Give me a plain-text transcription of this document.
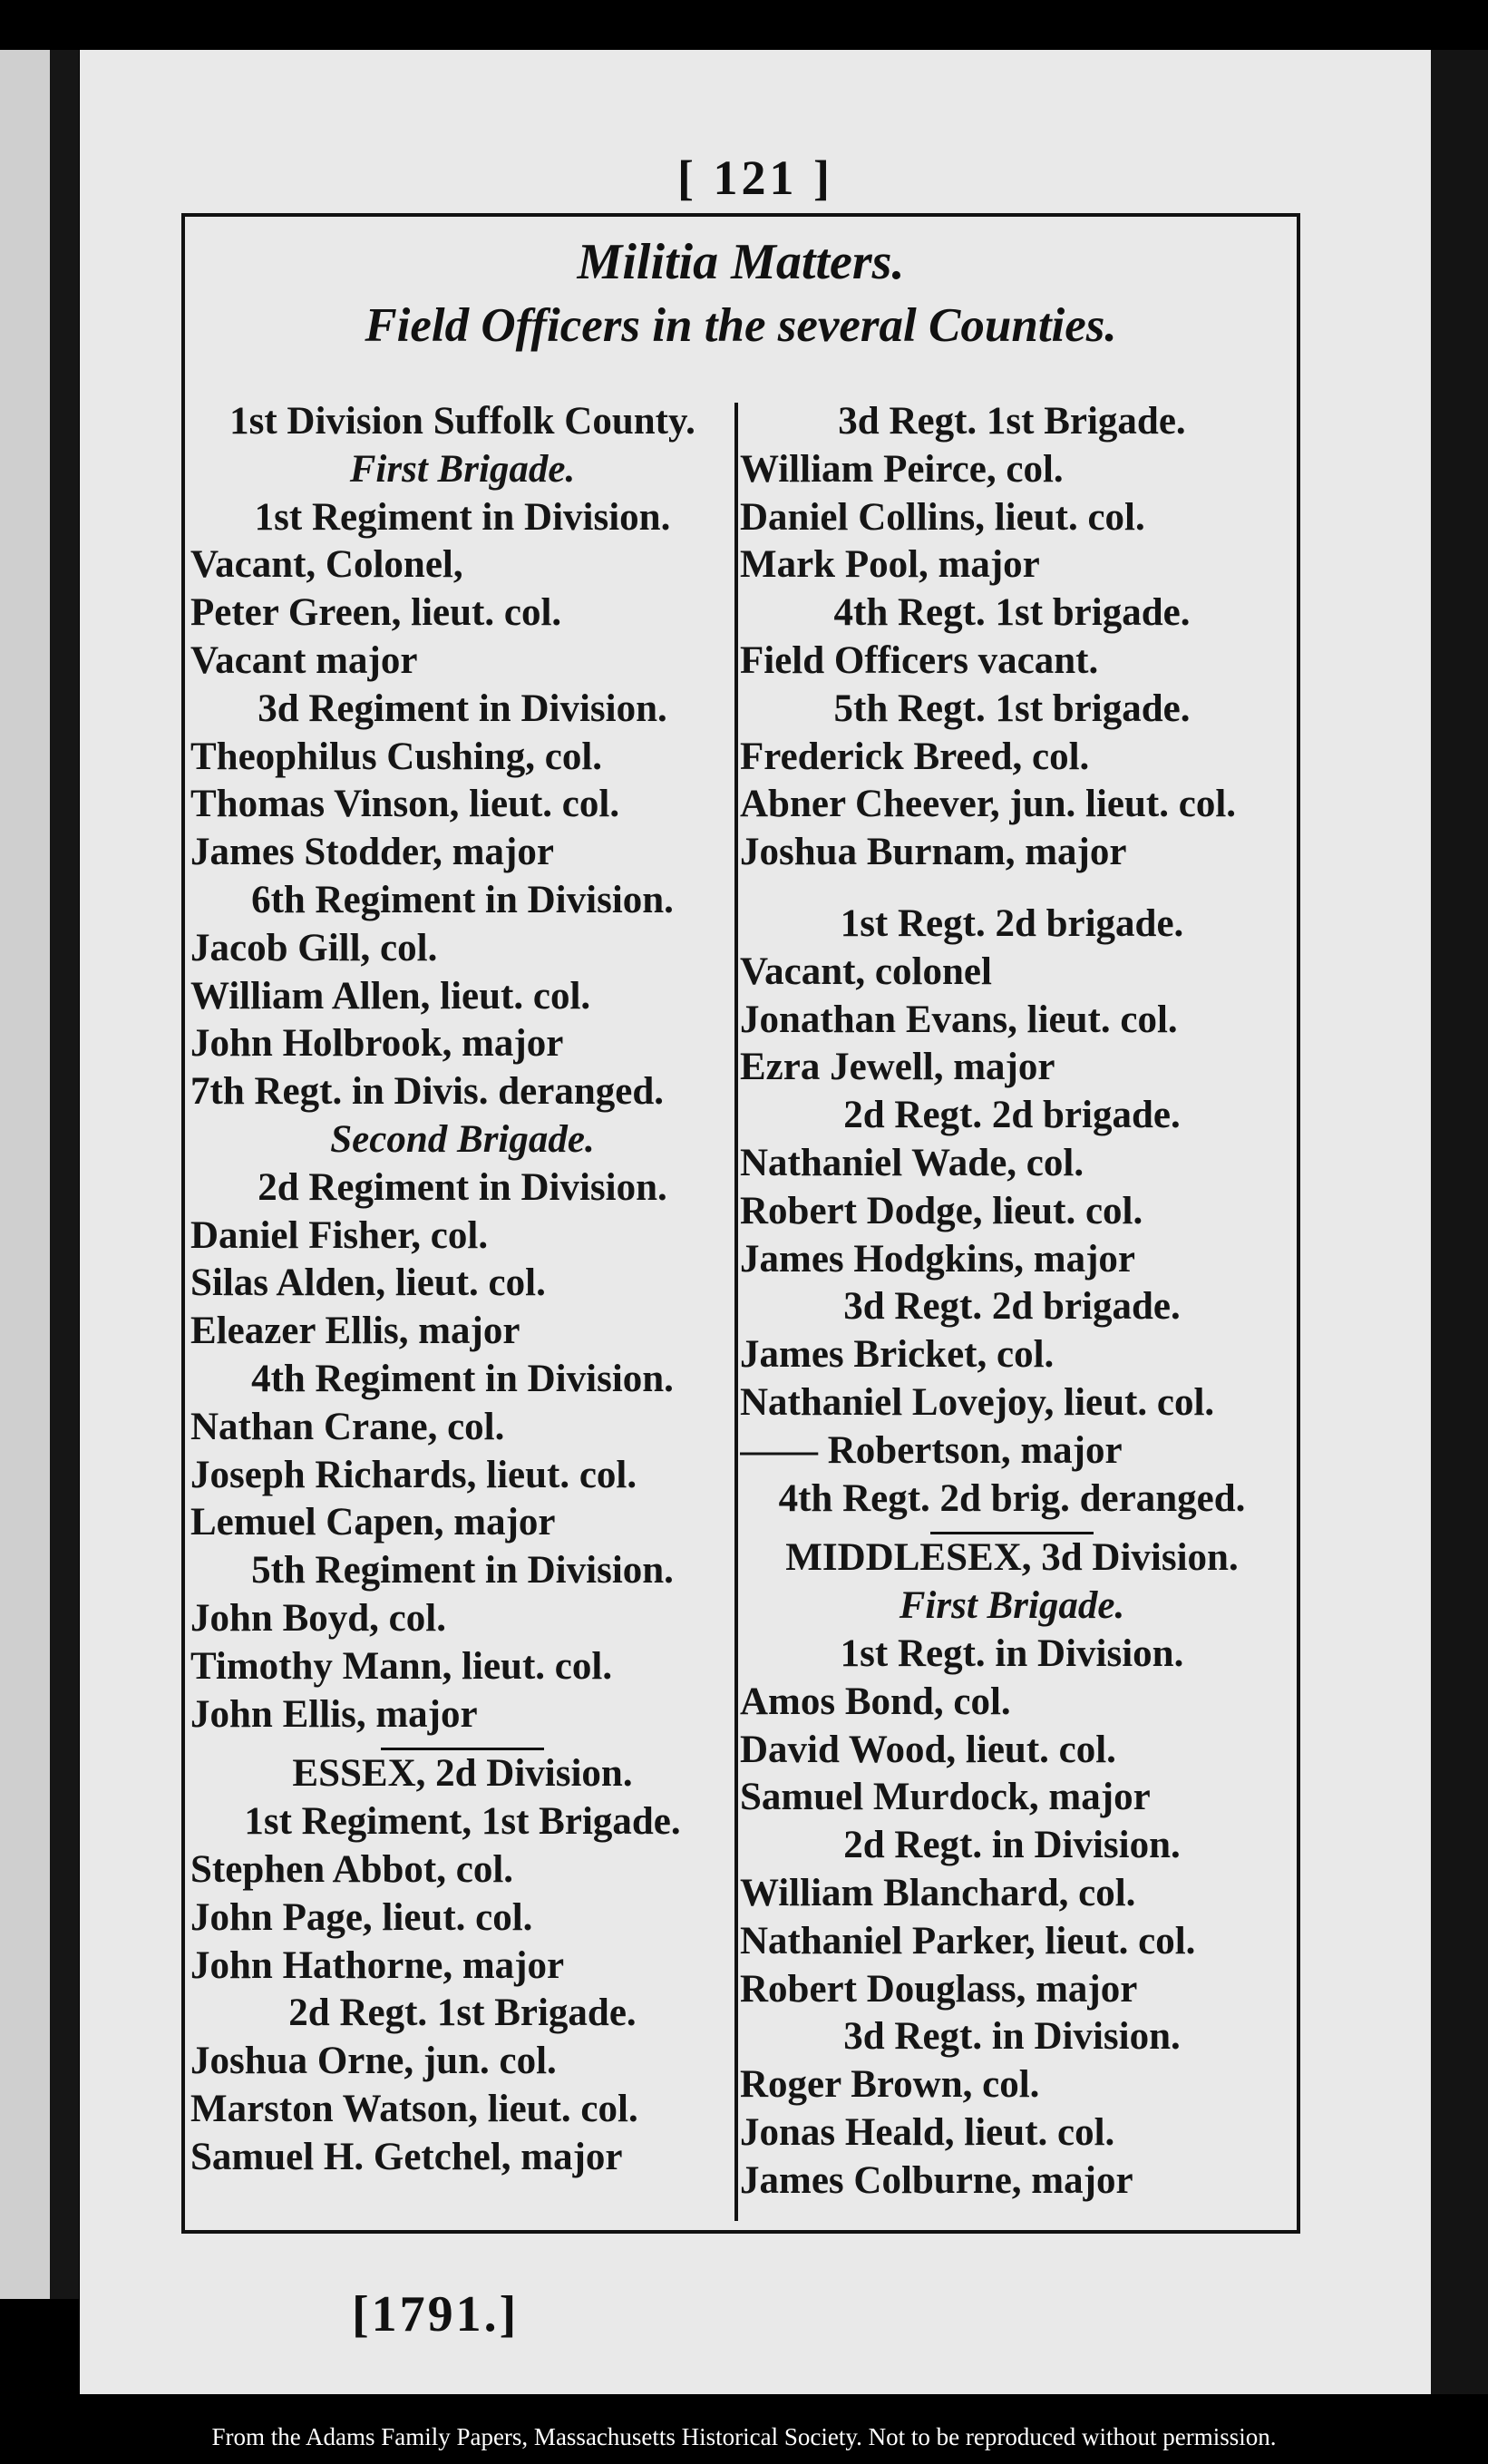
[ 121 ]
Militia Matters.
Field Officers in the several Counties.
1st Division Suffolk County.
First Brigade.
1st Regiment in Division.
Vacant, Colonel,
Peter Green, lieut. col.
Vacant major
3d Regiment in Division.
Theophilus Cushing, col.
Thomas Vinson, lieut. col.
James Stodder, major
6th Regiment in Division.
Jacob Gill, col.
William Allen, lieut. col.
John Holbrook, major
7th Regt. in Divis. deranged.
Second Brigade.
2d Regiment in Division.
Daniel Fisher, col.
Silas Alden, lieut. col.
Eleazer Ellis, major
4th Regiment in Division.
Nathan Crane, col.
Joseph Richards, lieut. col.
Lemuel Capen, major
5th Regiment in Division.
John Boyd, col.
Timothy Mann, lieut. col.
John Ellis, major
ESSEX, 2d Division.
1st Regiment, 1st Brigade.
Stephen Abbot, col.
John Page, lieut. col.
John Hathorne, major
2d Regt. 1st Brigade.
Joshua Orne, jun. col.
Marston Watson, lieut. col.
Samuel H. Getchel, major
3d Regt. 1st Brigade.
William Peirce, col.
Daniel Collins, lieut. col.
Mark Pool, major
4th Regt. 1st brigade.
Field Officers vacant.
5th Regt. 1st brigade.
Frederick Breed, col.
Abner Cheever, jun. lieut. col.
Joshua Burnam, major
1st Regt. 2d brigade.
Vacant, colonel
Jonathan Evans, lieut. col.
Ezra Jewell, major
2d Regt. 2d brigade.
Nathaniel Wade, col.
Robert Dodge, lieut. col.
James Hodgkins, major
3d Regt. 2d brigade.
James Bricket, col.
Nathaniel Lovejoy, lieut. col.
—— Robertson, major
4th Regt. 2d brig. deranged.
MIDDLESEX, 3d Division.
First Brigade.
1st Regt. in Division.
Amos Bond, col.
David Wood, lieut. col.
Samuel Murdock, major
2d Regt. in Division.
William Blanchard, col.
Nathaniel Parker, lieut. col.
Robert Douglass, major
3d Regt. in Division.
Roger Brown, col.
Jonas Heald, lieut. col.
James Colburne, major
[1791.]
From the Adams Family Papers, Massachusetts Historical Society. Not to be reproduced without permission.
